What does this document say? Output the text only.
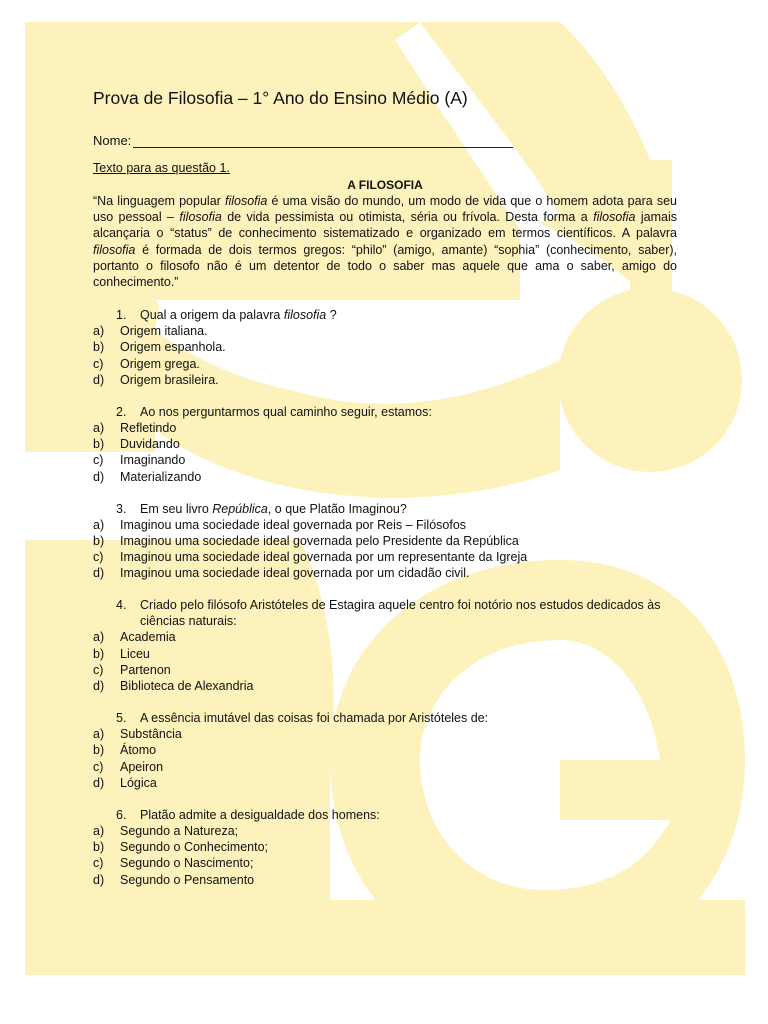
Prova de Filosofia – 1° Ano do Ensino Médio (A)
Nome:
Texto para as questão 1.
A FILOSOFIA

“Na linguagem popular filosofia é uma visão do mundo, um modo de vida que o homem adota para seu uso pessoal – filosofia de vida pessimista ou otimista, séria ou frívola. Desta forma a filosofia jamais alcançaria o “status” de conhecimento sistematizado e organizado em termos científicos. A palavra filosofia é formada de dois termos gregos: “philo” (amigo, amante) “sophia” (conhecimento, saber), portanto o filosofo não é um detentor de todo o saber mas aquele que ama o saber, amigo do conhecimento.”

1.	Qual a origem da palavra filosofia ?
a)	Origem italiana.
b)	Origem espanhola.
c)	Origem grega.
d)	Origem brasileira.
2.	Ao nos perguntarmos qual caminho seguir, estamos:
a)	Refletindo
b)	Duvidando
c)	Imaginando
d)	Materializando
3.	Em seu livro República, o que Platão Imaginou?
a)	Imaginou uma sociedade ideal governada por Reis – Filósofos
b)	Imaginou uma sociedade ideal governada pelo Presidente da República
c)	Imaginou uma sociedade ideal governada por um representante da Igreja
d)	Imaginou uma sociedade ideal governada por um cidadão civil.
4.	Criado pelo filósofo Aristóteles de Estagira aquele centro foi notório nos estudos dedicados às ciências naturais:
a)	Academia
b)	Liceu
c)	Partenon
d)	Biblioteca de Alexandria
5.	A essência imutável das coisas foi chamada por Aristóteles de:
a)	Substância
b)	Átomo
c)	Apeiron
d)	Lógica
6.	Platão admite a desigualdade dos homens:
a)	Segundo a Natureza;
b)	Segundo o Conhecimento;
c)	Segundo o Nascimento;
d)	Segundo o Pensamento
